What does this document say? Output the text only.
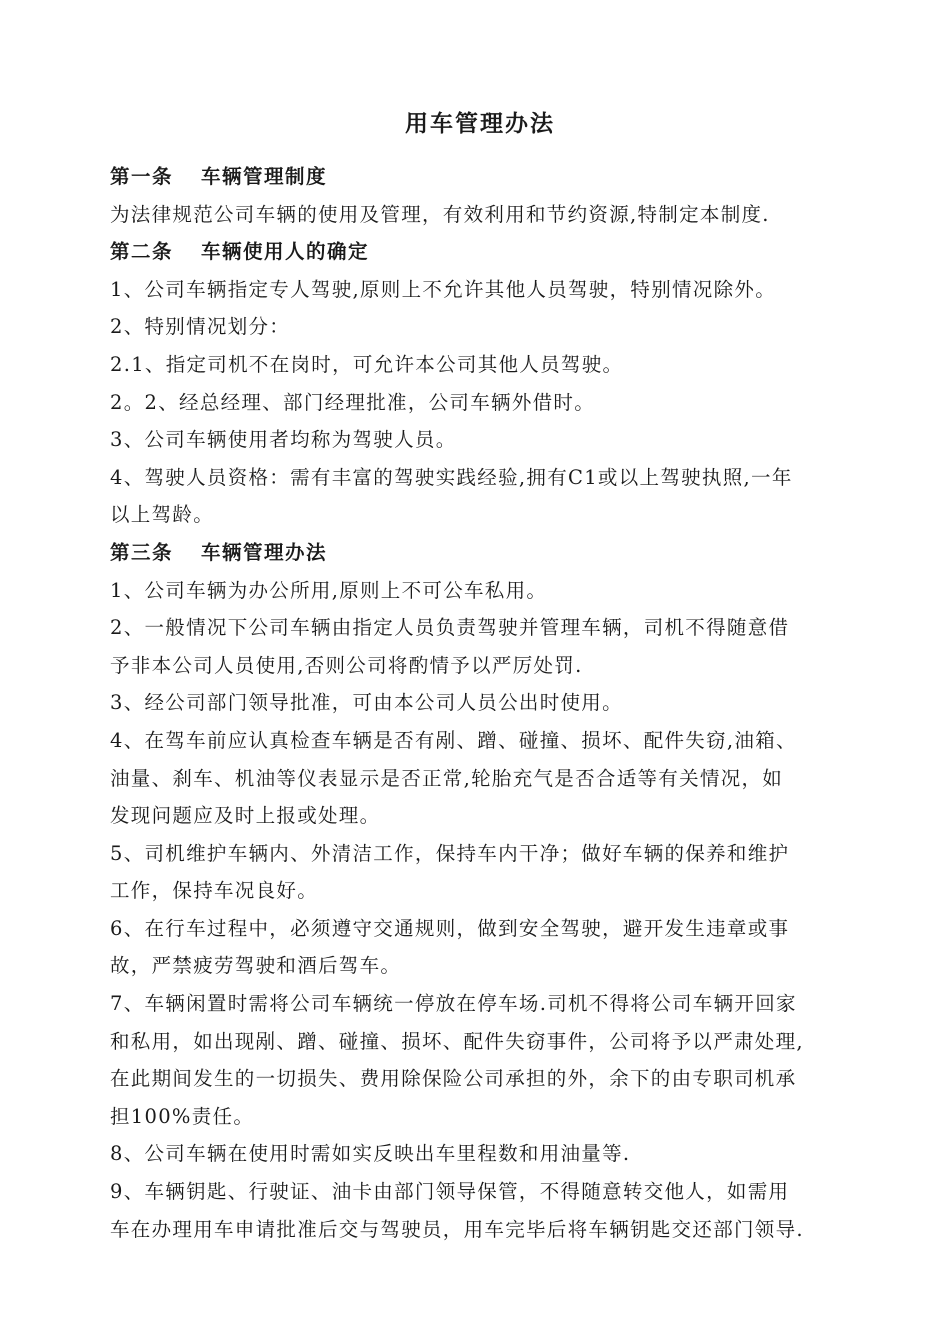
用车管理办法
第一条 车辆管理制度
为法律规范公司车辆的使用及管理，有效利用和节约资源,特制定本制度.
第二条 车辆使用人的确定
1、公司车辆指定专人驾驶,原则上不允许其他人员驾驶，特别情况除外。
2、特别情况划分：
2.1、指定司机不在岗时，可允许本公司其他人员驾驶。
2。2、经总经理、部门经理批准，公司车辆外借时。
3、公司车辆使用者均称为驾驶人员。
4、驾驶人员资格：需有丰富的驾驶实践经验,拥有C1或以上驾驶执照,一年
以上驾龄。
第三条 车辆管理办法
1、公司车辆为办公所用,原则上不可公车私用。
2、一般情况下公司车辆由指定人员负责驾驶并管理车辆，司机不得随意借
予非本公司人员使用,否则公司将酌情予以严厉处罚.
3、经公司部门领导批准，可由本公司人员公出时使用。
4、在驾车前应认真检查车辆是否有剐、蹭、碰撞、损坏、配件失窃,油箱、
油量、刹车、机油等仪表显示是否正常,轮胎充气是否合适等有关情况，如
发现问题应及时上报或处理。
5、司机维护车辆内、外清洁工作，保持车内干净；做好车辆的保养和维护
工作，保持车况良好。
6、在行车过程中，必须遵守交通规则，做到安全驾驶，避开发生违章或事
故，严禁疲劳驾驶和酒后驾车。
7、车辆闲置时需将公司车辆统一停放在停车场.司机不得将公司车辆开回家
和私用，如出现剐、蹭、碰撞、损坏、配件失窃事件，公司将予以严肃处理,
在此期间发生的一切损失、费用除保险公司承担的外，余下的由专职司机承
担100%责任。
8、公司车辆在使用时需如实反映出车里程数和用油量等.
9、车辆钥匙、行驶证、油卡由部门领导保管，不得随意转交他人，如需用
车在办理用车申请批准后交与驾驶员，用车完毕后将车辆钥匙交还部门领导.
